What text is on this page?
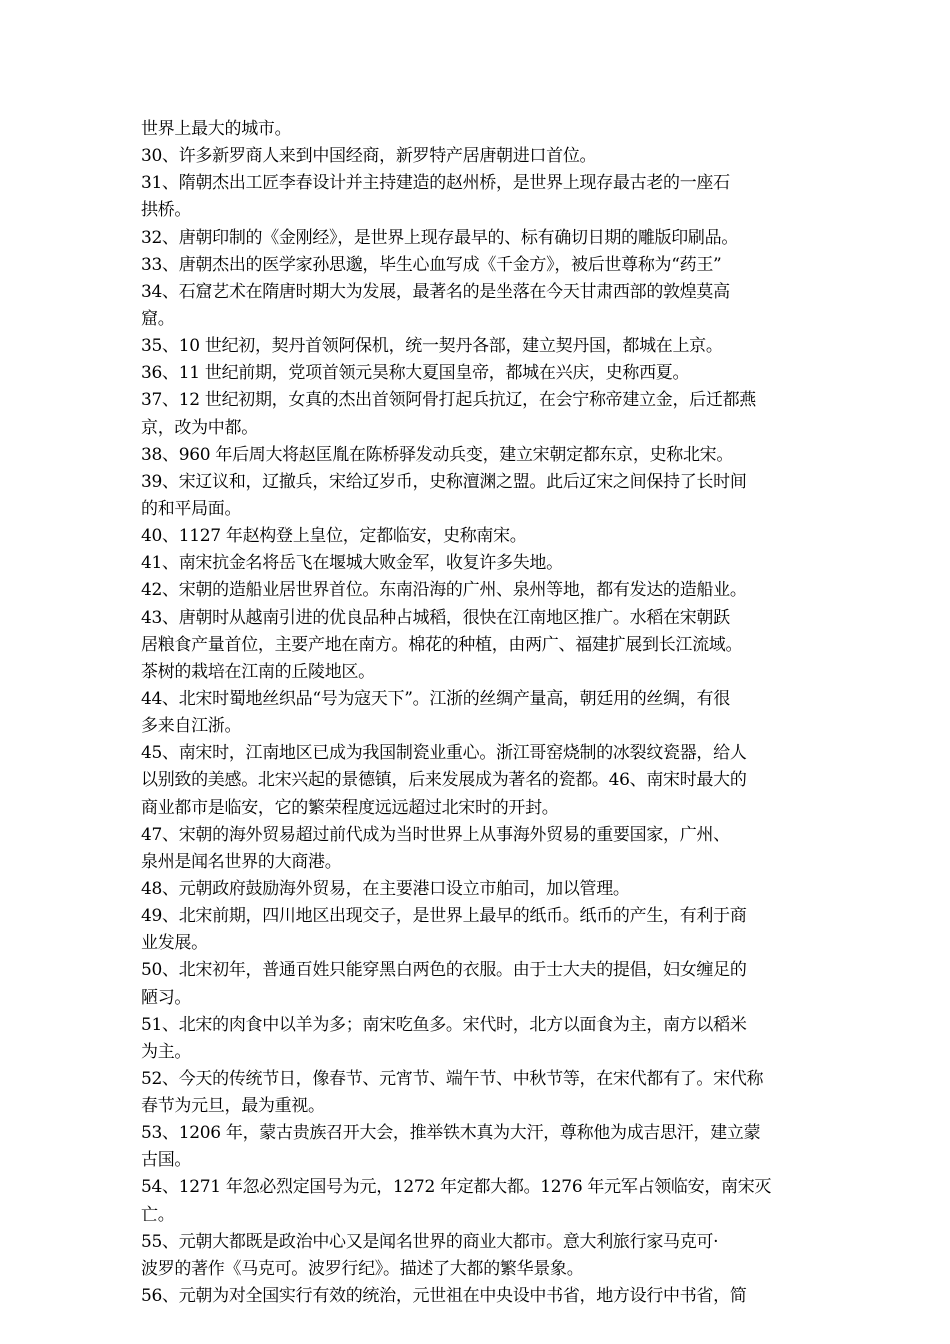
世界上最大的城市。
30、许多新罗商人来到中国经商，新罗特产居唐朝进口首位。
31、隋朝杰出工匠李春设计并主持建造的赵州桥，是世界上现存最古老的一座石
拱桥。
32、唐朝印制的《金刚经》，是世界上现存最早的、标有确切日期的雕版印刷品。
33、唐朝杰出的医学家孙思邈，毕生心血写成《千金方》，被后世尊称为“药王”
34、石窟艺术在隋唐时期大为发展，最著名的是坐落在今天甘肃西部的敦煌莫高
窟。
35、10 世纪初，契丹首领阿保机，统一契丹各部，建立契丹国，都城在上京。
36、11 世纪前期，党项首领元昊称大夏国皇帝，都城在兴庆，史称西夏。
37、12 世纪初期，女真的杰出首领阿骨打起兵抗辽，在会宁称帝建立金，后迁都燕
京，改为中都。
38、960 年后周大将赵匡胤在陈桥驿发动兵变，建立宋朝定都东京，史称北宋。
39、宋辽议和，辽撤兵，宋给辽岁币，史称澶渊之盟。此后辽宋之间保持了长时间
的和平局面。
40、1127 年赵构登上皇位，定都临安，史称南宋。
41、南宋抗金名将岳飞在堰城大败金军，收复许多失地。
42、宋朝的造船业居世界首位。东南沿海的广州、泉州等地，都有发达的造船业。
43、唐朝时从越南引进的优良品种占城稻，很快在江南地区推广。水稻在宋朝跃
居粮食产量首位，主要产地在南方。棉花的种植，由两广、福建扩展到长江流域。
茶树的栽培在江南的丘陵地区。
44、北宋时蜀地丝织品“号为寇天下”。江浙的丝绸产量高，朝廷用的丝绸，有很
多来自江浙。
45、南宋时，江南地区已成为我国制瓷业重心。浙江哥窑烧制的冰裂纹瓷器，给人
以别致的美感。北宋兴起的景德镇，后来发展成为著名的瓷都。46、南宋时最大的
商业都市是临安，它的繁荣程度远远超过北宋时的开封。
47、宋朝的海外贸易超过前代成为当时世界上从事海外贸易的重要国家，广州、
泉州是闻名世界的大商港。
48、元朝政府鼓励海外贸易，在主要港口设立市舶司，加以管理。
49、北宋前期，四川地区出现交子，是世界上最早的纸币。纸币的产生，有利于商
业发展。
50、北宋初年，普通百姓只能穿黑白两色的衣服。由于士大夫的提倡，妇女缠足的
陋习。
51、北宋的肉食中以羊为多；南宋吃鱼多。宋代时，北方以面食为主，南方以稻米
为主。
52、今天的传统节日，像春节、元宵节、端午节、中秋节等，在宋代都有了。宋代称
春节为元旦，最为重视。
53、1206 年，蒙古贵族召开大会，推举铁木真为大汗，尊称他为成吉思汗，建立蒙
古国。
54、1271 年忽必烈定国号为元，1272 年定都大都。1276 年元军占领临安，南宋灭
亡。
55、元朝大都既是政治中心又是闻名世界的商业大都市。意大利旅行家马克可·
波罗的著作《马克可。波罗行纪》。描述了大都的繁华景象。
56、元朝为对全国实行有效的统治，元世祖在中央设中书省，地方设行中书省，简
